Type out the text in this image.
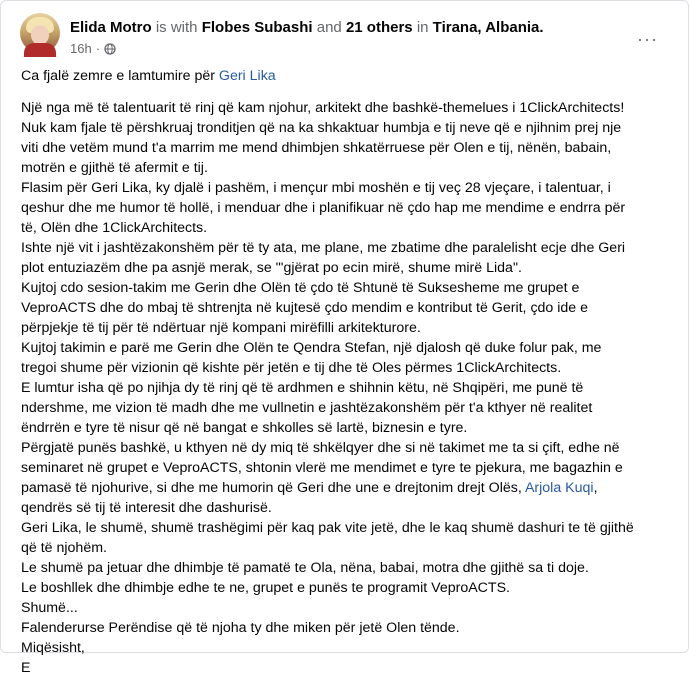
Elida Motro is with Flobes Subashi and 21 others in Tirana, Albania.
16h ·	···

Ca fjalë zemre e lamtumire për Geri Lika

Një nga më të talentuarit të rinj që kam njohur, arkitekt dhe bashkë-themelues i 1ClickArchitects!

Nuk kam fjale të përshkruaj tronditjen që na ka shkaktuar humbja e tij neve që e njihnim prej nje

viti dhe vetëm mund t'a marrim me mend dhimbjen shkatërruese për Olen e tij, nënën, babain,

motrën e gjithë të afermit e tij.

Flasim për Geri Lika, ky djalë i pashëm, i mençur mbi moshën e tij veç 28 vjeçare, i talentuar, i

qeshur dhe me humor të hollë, i menduar dhe i planifikuar në çdo hap me mendime e endrra për

të, Olën dhe 1ClickArchitects.

Ishte një vit i jashtëzakonshëm për të ty ata, me plane, me zbatime dhe paralelisht ecje dhe Geri

plot entuziazëm dhe pa asnjë merak, se "'gjërat po ecin mirë, shume mirë Lida".

Kujtoj cdo sesion-takim me Gerin dhe Olën të çdo të Shtunë të Suksesheme me grupet e

VeproACTS dhe do mbaj të shtrenjta në kujtesë çdo mendim e kontribut të Gerit, çdo ide e

përpjekje të tij për të ndërtuar një kompani mirëfilli arkitekturore.

Kujtoj takimin e parë me Gerin dhe Olën te Qendra Stefan, një djalosh që duke folur pak, me

tregoi shume për vizionin që kishte për jetën e tij dhe të Oles përmes 1ClickArchitects.

E lumtur isha që po njihja dy të rinj që të ardhmen e shihnin këtu, në Shqipëri, me punë të

ndershme, me vizion të madh dhe me vullnetin e jashtëzakonshëm për t'a kthyer në realitet

ëndrrën e tyre të nisur që në bangat e shkolles së lartë, biznesin e tyre.

Përgjatë punës bashkë, u kthyen në dy miq të shkëlqyer dhe si në takimet me ta si çift, edhe në

seminaret në grupet e VeproACTS, shtonin vlerë me mendimet e tyre te pjekura, me bagazhin e

pamasë të njohurive, si dhe me humorin që Geri dhe une e drejtonim drejt Olës, Arjola Kuqi,

qendrës së tij të interesit dhe dashurisë.

Geri Lika, le shumë, shumë trashëgimi për kaq pak vite jetë, dhe le kaq shumë dashuri te të gjithë

që të njohëm.

Le shumë pa jetuar dhe dhimbje të pamatë te Ola, nëna, babai, motra dhe gjithë sa ti doje.

Le boshllek dhe dhimbje edhe te ne, grupet e punës te programit VeproACTS.

Shumë...

Falenderurse Perëndise që të njoha ty dhe miken për jetë Olen tënde.

Miqësisht,

E
